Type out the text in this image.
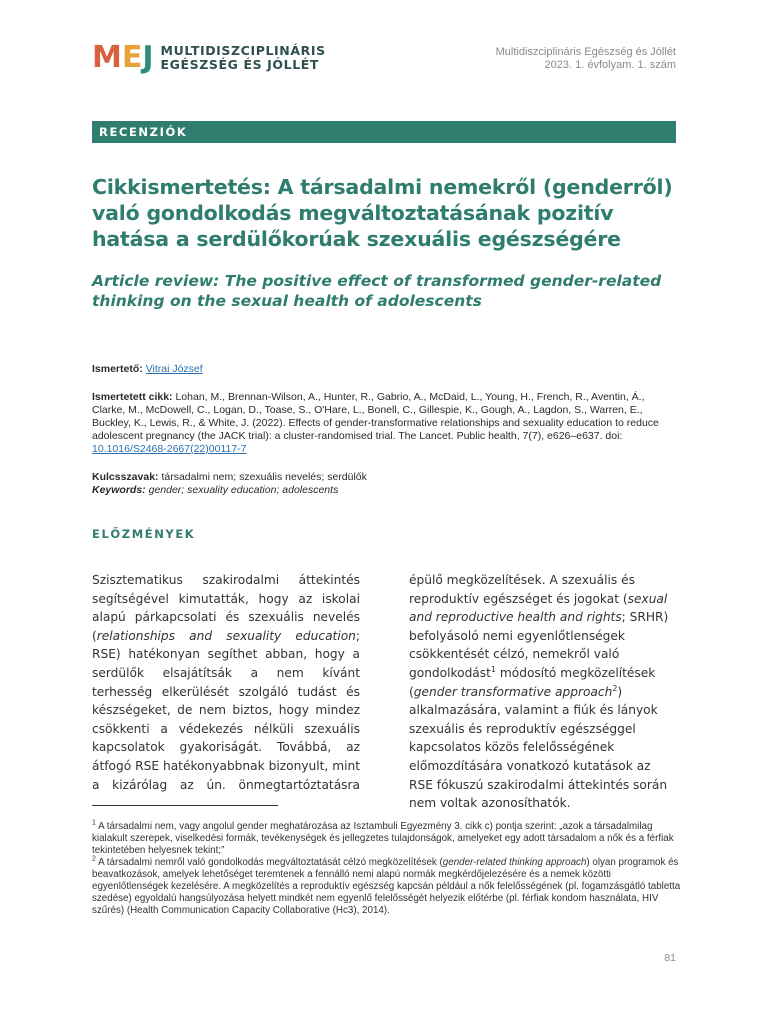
M E J MULTIDISZCIPLINÁRIS
EGÉSZSÉG ÉS JÓLLÉT
Multidiszciplináris Egészség és Jóllét
2023. 1. évfolyam. 1. szám
RECENZIÓK
Cikkismertetés: A társadalmi nemekről (genderről) való gondolkodás megváltoztatásának pozitív hatása a serdülőkorúak szexuális egészségére
Article review: The positive effect of transformed gender-related thinking on the sexual health of adolescents
Ismertető: Vitrai József
Ismertetett cikk: Lohan, M., Brennan-Wilson, A., Hunter, R., Gabrio, A., McDaid, L., Young, H., French, R., Aventin, Á., Clarke, M., McDowell, C., Logan, D., Toase, S., O'Hare, L., Bonell, C., Gillespie, K., Gough, A., Lagdon, S., Warren, E., Buckley, K., Lewis, R., & White, J. (2022). Effects of gender-transformative relationships and sexuality education to reduce adolescent pregnancy (the JACK trial): a cluster-randomised trial. The Lancet. Public health, 7(7), e626–e637. doi: 10.1016/S2468-2667(22)00117-7
Kulcsszavak: társadalmi nem; szexuális nevelés; serdülők
Keywords: gender; sexuality education; adolescents
ELŐZMÉNYEK
Szisztematikus szakirodalmi áttekintés segítségével kimutatták, hogy az iskolai alapú párkapcsolati és szexuális nevelés (relationships and sexuality education; RSE) hatékonyan segíthet abban, hogy a serdülők elsajátítsák a nem kívánt terhesség elkerülését szolgáló tudást és készségeket, de nem biztos, hogy mindez csökkenti a védekezés nélküli szexuális kapcsolatok gyakoriságát. Továbbá, az átfogó RSE hatékonyabbnak bizonyult, mint a kizárólag az ún. önmegtartóztatásra
épülő megközelítések. A szexuális és reproduktív egészséget és jogokat (sexual and reproductive health and rights; SRHR) befolyásoló nemi egyenlőtlenségek csökkentését célzó, nemekről való gondolkodást$^1$ módosító megközelítések (gender transformative approach$^2$) alkalmazására, valamint a fiúk és lányok szexuális és reproduktív egészséggel kapcsolatos közös felelősségének előmozdítására vonatkozó kutatások az RSE fókuszú szakirodalmi áttekintés során nem voltak azonosíthatók.
$^1$ A társadalmi nem, vagy angolul gender meghatározása az Isztambuli Egyezmény 3. cikk c) pontja szerint: „azok a társadalmilag kialakult szerepek, viselkedési formák, tevékenységek és jellegzetes tulajdonságok, amelyeket egy adott társadalom a nők és a férfiak tekintetében helyesnek tekint;”
$^2$ A társadalmi nemről való gondolkodás megváltoztatását célzó megközelítések (gender-related thinking approach) olyan programok és beavatkozások, amelyek lehetőséget teremtenek a fennálló nemi alapú normák megkérdőjelezésére és a nemek közötti egyenlőtlenségek kezelésére. A megközelítés a reproduktív egészség kapcsán például a nők felelősségének (pl. fogamzásgátló tabletta szedése) egyoldalú hangsúlyozása helyett mindkét nem egyenlő felelősségét helyezik előtérbe (pl. férfiak kondom használata, HIV szűrés) (Health Communication Capacity Collaborative (Hc3), 2014).
81
